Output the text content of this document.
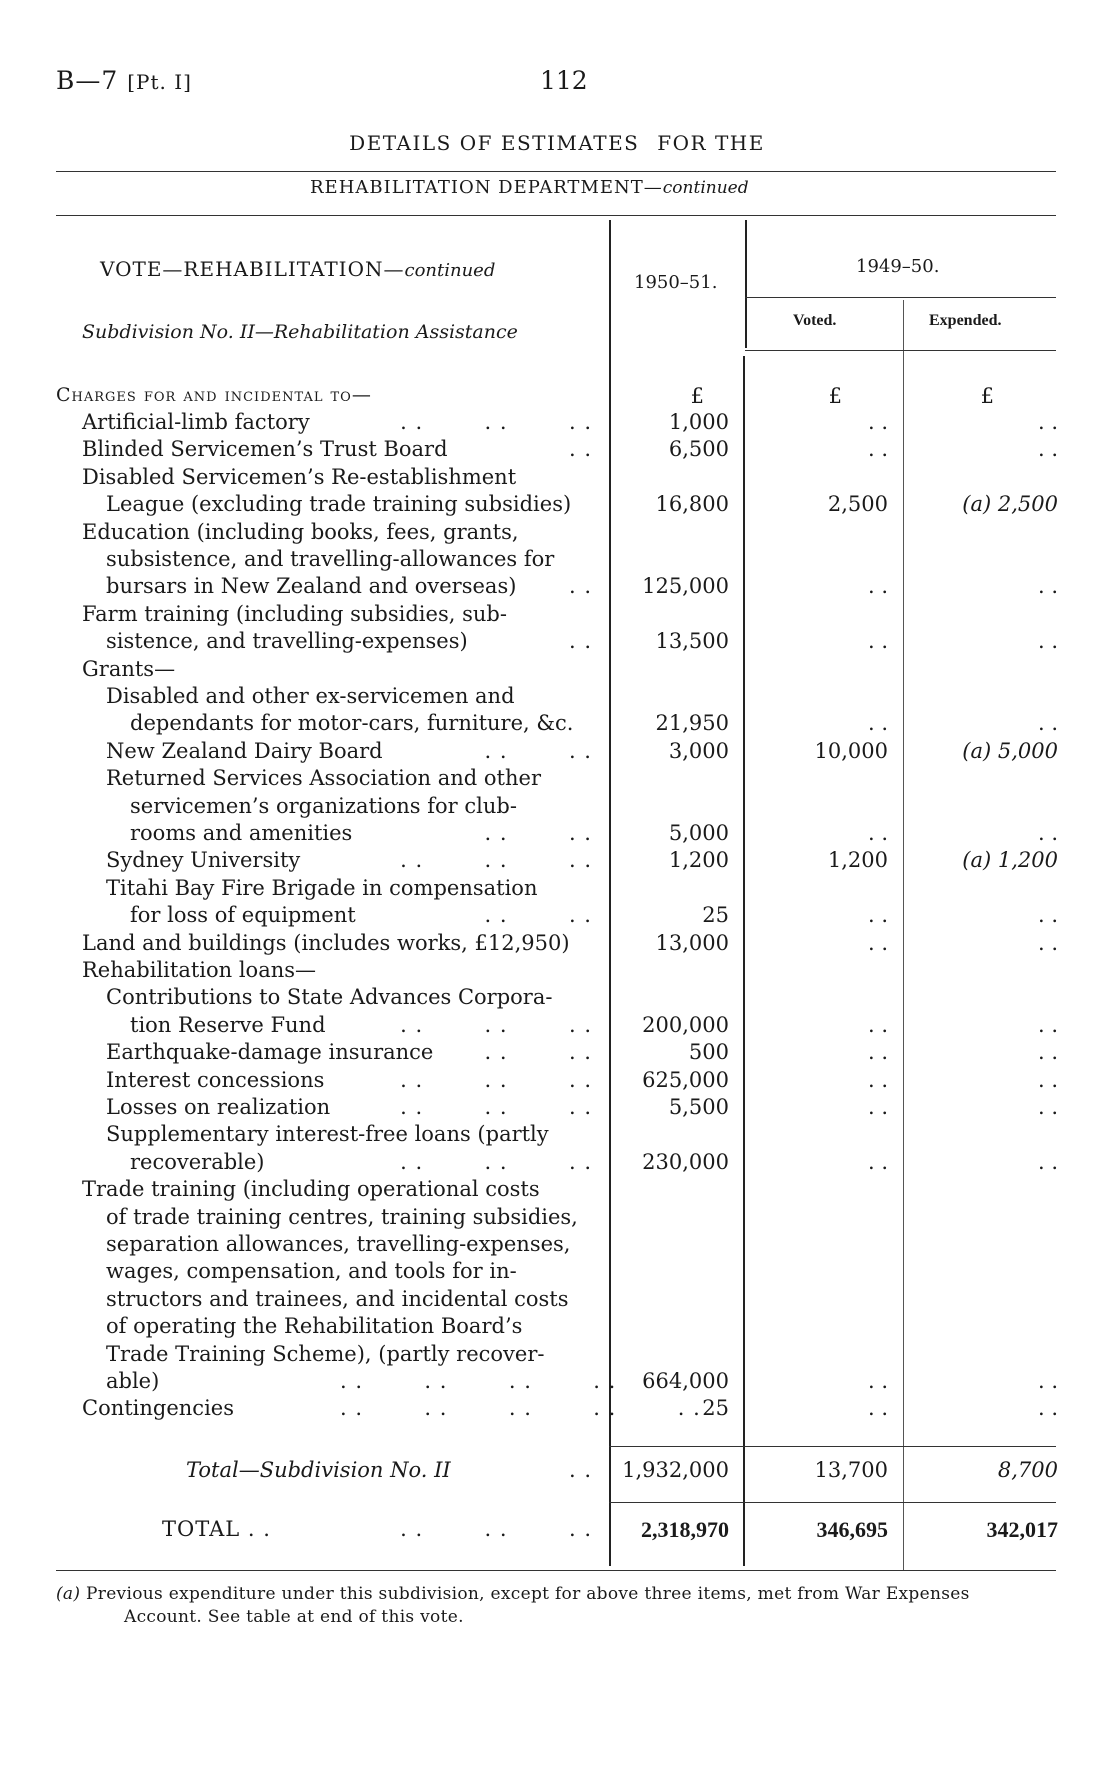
B—7 [Pt. I]	112
DETAILS OF ESTIMATES FOR THE
REHABILITATION DEPARTMENT—continued
VOTE—REHABILITATION—continued
Subdivision No. II—Rehabilitation Assistance
1950–51.
1949–50.
Voted.	Expended.
Charges for and incidental to—	£	£	£
Artificial-limb factory	. .        . .        . .	1,000	. .	. .
Blinded Servicemen’s Trust Board	. .	6,500	. .	. .
Disabled Servicemen’s Re-establishment
League (excluding trade training subsidies)	16,800	2,500	(a) 2,500
Education (including books, fees, grants,
subsistence, and travelling-allowances for
bursars in New Zealand and overseas)	. . 125,000	. .	. .
Farm training (including subsidies, sub-
sistence, and travelling-expenses)	. .	13,500	. .	. .
Grants—
Disabled and other ex-servicemen and
dependants for motor-cars, furniture, &c.	21,950	. .	. .
New Zealand Dairy Board	. .        . .	3,000	10,000	(a) 5,000
Returned Services Association and other
servicemen’s organizations for club-
rooms and amenities	. .        . .	5,000	. .	. .
Sydney University	. .        . .        . .	1,200	1,200	(a) 1,200
Titahi Bay Fire Brigade in compensation
for loss of equipment	. .        . .	25	. .	. .
Land and buildings (includes works, £12,950)	13,000	. .	. .
Rehabilitation loans—
Contributions to State Advances Corpora-
tion Reserve Fund	. .        . .        . . 200,000	. .	. .
Earthquake-damage insurance	. .        . .	500	. .	. .
Interest concessions	. .        . .        . . 625,000	. .	. .
Losses on realization	. .        . .        . .	5,500	. .	. .
Supplementary interest-free loans (partly
recoverable)	. .        . .        . . 230,000	. .	. .
Trade training (including operational costs
of trade training centres, training subsidies,
separation allowances, travelling-expenses,
wages, compensation, and tools for in-
structors and trainees, and incidental costs
of operating the Rehabilitation Board’s
Trade Training Scheme), (partly recover-
able)	. .        . .        . .        . . 664,000	. .	. .
Contingencies	. .        . .        . .        . .        . . 25	. .	. .
Total—Subdivision No. II	. . 1,932,000	13,700	8,700
TOTAL . .	. .        . .        . . 2,318,970	346,695	342,017
(a) Previous expenditure under this subdivision, except for above three items, met from War Expenses
Account. See table at end of this vote.
